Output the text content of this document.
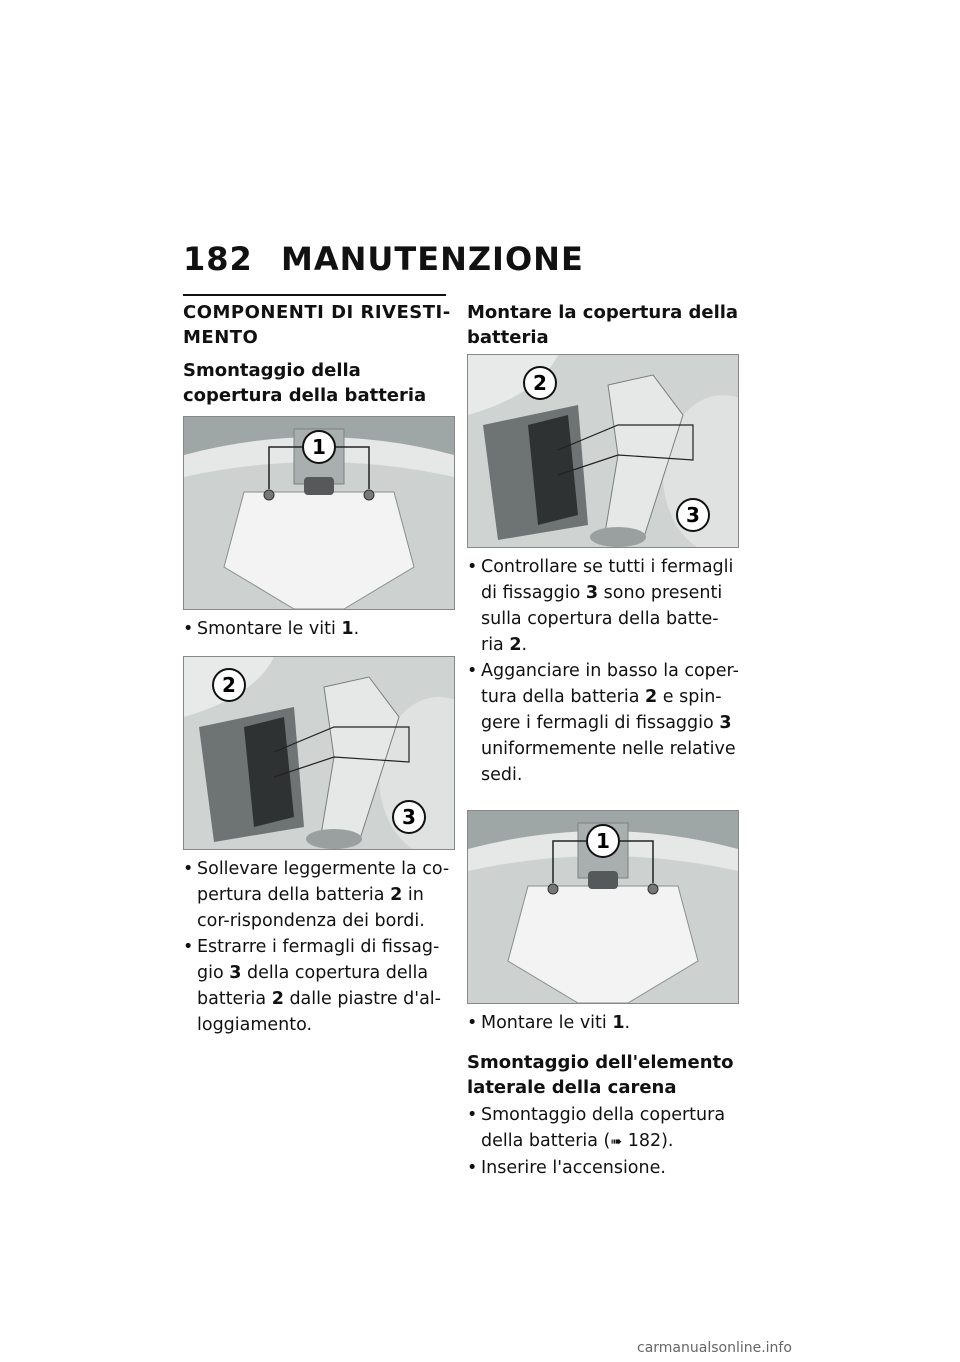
182 MANUTENZIONE
COMPONENTI DI RIVESTI-MENTO
Smontaggio della copertura della batteria
1
• Smontare le viti 1.
2
3
• Sollevare leggermente la co-pertura della batteria 2 in cor-rispondenza dei bordi.
• Estrarre i fermagli di fissag-gio 3 della copertura della batteria 2 dalle piastre d'al-loggiamento.
Montare la copertura della batteria
2
3
• Controllare se tutti i fermagli di fissaggio 3 sono presenti sulla copertura della batte-ria 2.
• Agganciare in basso la coper-tura della batteria 2 e spin-gere i fermagli di fissaggio 3 uniformemente nelle relative sedi.
1
• Montare le viti 1.
Smontaggio dell'elemento laterale della carena
• Smontaggio della copertura della batteria (➠ 182).
• Inserire l'accensione.
carmanualsonline.info
